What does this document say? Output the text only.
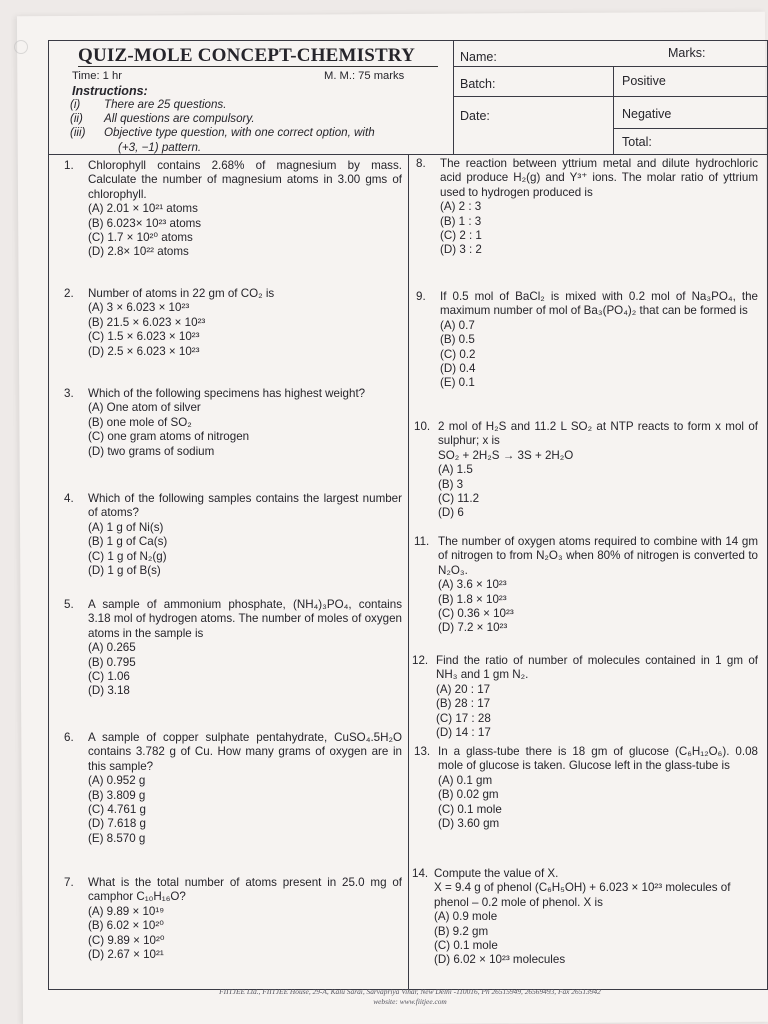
QUIZ-MOLE CONCEPT-CHEMISTRY
Time: 1 hr	M. M.: 75 marks
Instructions:
(i) There are 25 questions.
(ii) All questions are compulsory.
(iii) Objective type question, with one correct option, with
(+3, −1) pattern.
Name:	Marks:
Batch:	Positive
Date:	Negative
Total:
1. Chlorophyll contains 2.68% of magnesium by mass. Calculate the number of magnesium atoms in 3.00 gms of chlorophyll.
(A) 2.01 × 10²¹ atoms
(B) 6.023× 10²³ atoms
(C) 1.7 × 10²⁰ atoms
(D) 2.8× 10²² atoms
2. Number of atoms in 22 gm of CO₂ is
(A) 3 × 6.023 × 10²³
(B) 21.5 × 6.023 × 10²³
(C) 1.5 × 6.023 × 10²³
(D) 2.5 × 6.023 × 10²³
3. Which of the following specimens has highest weight?
(A) One atom of silver
(B) one mole of SO₂
(C) one gram atoms of nitrogen
(D) two grams of sodium
4. Which of the following samples contains the largest number of atoms?
(A) 1 g of Ni(s)
(B) 1 g of Ca(s)
(C) 1 g of N₂(g)
(D) 1 g of B(s)
5. A sample of ammonium phosphate, (NH₄)₃PO₄, contains 3.18 mol of hydrogen atoms. The number of moles of oxygen atoms in the sample is
(A) 0.265
(B) 0.795
(C) 1.06
(D) 3.18
6. A sample of copper sulphate pentahydrate, CuSO₄.5H₂O contains 3.782 g of Cu. How many grams of oxygen are in this sample?
(A) 0.952 g
(B) 3.809 g
(C) 4.761 g
(D) 7.618 g
(E) 8.570 g
7. What is the total number of atoms present in 25.0 mg of camphor C₁₀H₁₆O?
(A) 9.89 × 10¹⁹
(B) 6.02 × 10²⁰
(C) 9.89 × 10²⁰
(D) 2.67 × 10²¹
8. The reaction between yttrium metal and dilute hydrochloric acid produce H₂(g) and Y³⁺ ions. The molar ratio of yttrium used to hydrogen produced is
(A) 2 : 3
(B) 1 : 3
(C) 2 : 1
(D) 3 : 2
9. If 0.5 mol of BaCl₂ is mixed with 0.2 mol of Na₃PO₄, the maximum number of mol of Ba₃(PO₄)₂ that can be formed is
(A) 0.7
(B) 0.5
(C) 0.2
(D) 0.4
(E) 0.1
10. 2 mol of H₂S and 11.2 L SO₂ at NTP reacts to form x mol of sulphur; x is
SO₂ + 2H₂S → 3S + 2H₂O
(A) 1.5
(B) 3
(C) 11.2
(D) 6
11. The number of oxygen atoms required to combine with 14 gm of nitrogen to from N₂O₃ when 80% of nitrogen is converted to N₂O₃.
(A) 3.6 × 10²³
(B) 1.8 × 10²³
(C) 0.36 × 10²³
(D) 7.2 × 10²³
12. Find the ratio of number of molecules contained in 1 gm of NH₃ and 1 gm N₂.
(A) 20 : 17
(B) 28 : 17
(C) 17 : 28
(D) 14 : 17
13. In a glass-tube there is 18 gm of glucose (C₆H₁₂O₆). 0.08 mole of glucose is taken. Glucose left in the glass-tube is
(A) 0.1 gm
(B) 0.02 gm
(C) 0.1 mole
(D) 3.60 gm
14. Compute the value of X.
X = 9.4 g of phenol (C₆H₅OH) + 6.023 × 10²³ molecules of phenol – 0.2 mole of phenol. X is
(A) 0.9 mole
(B) 9.2 gm
(C) 0.1 mole
(D) 6.02 × 10²³ molecules
FIITJEE Ltd., FIITJEE House, 29-A, Kalu Sarai, Sarvapriya Vihar, New Delhi -110016, Ph 26515949, 26569493, Fax 26513942
website: www.fiitjee.com
